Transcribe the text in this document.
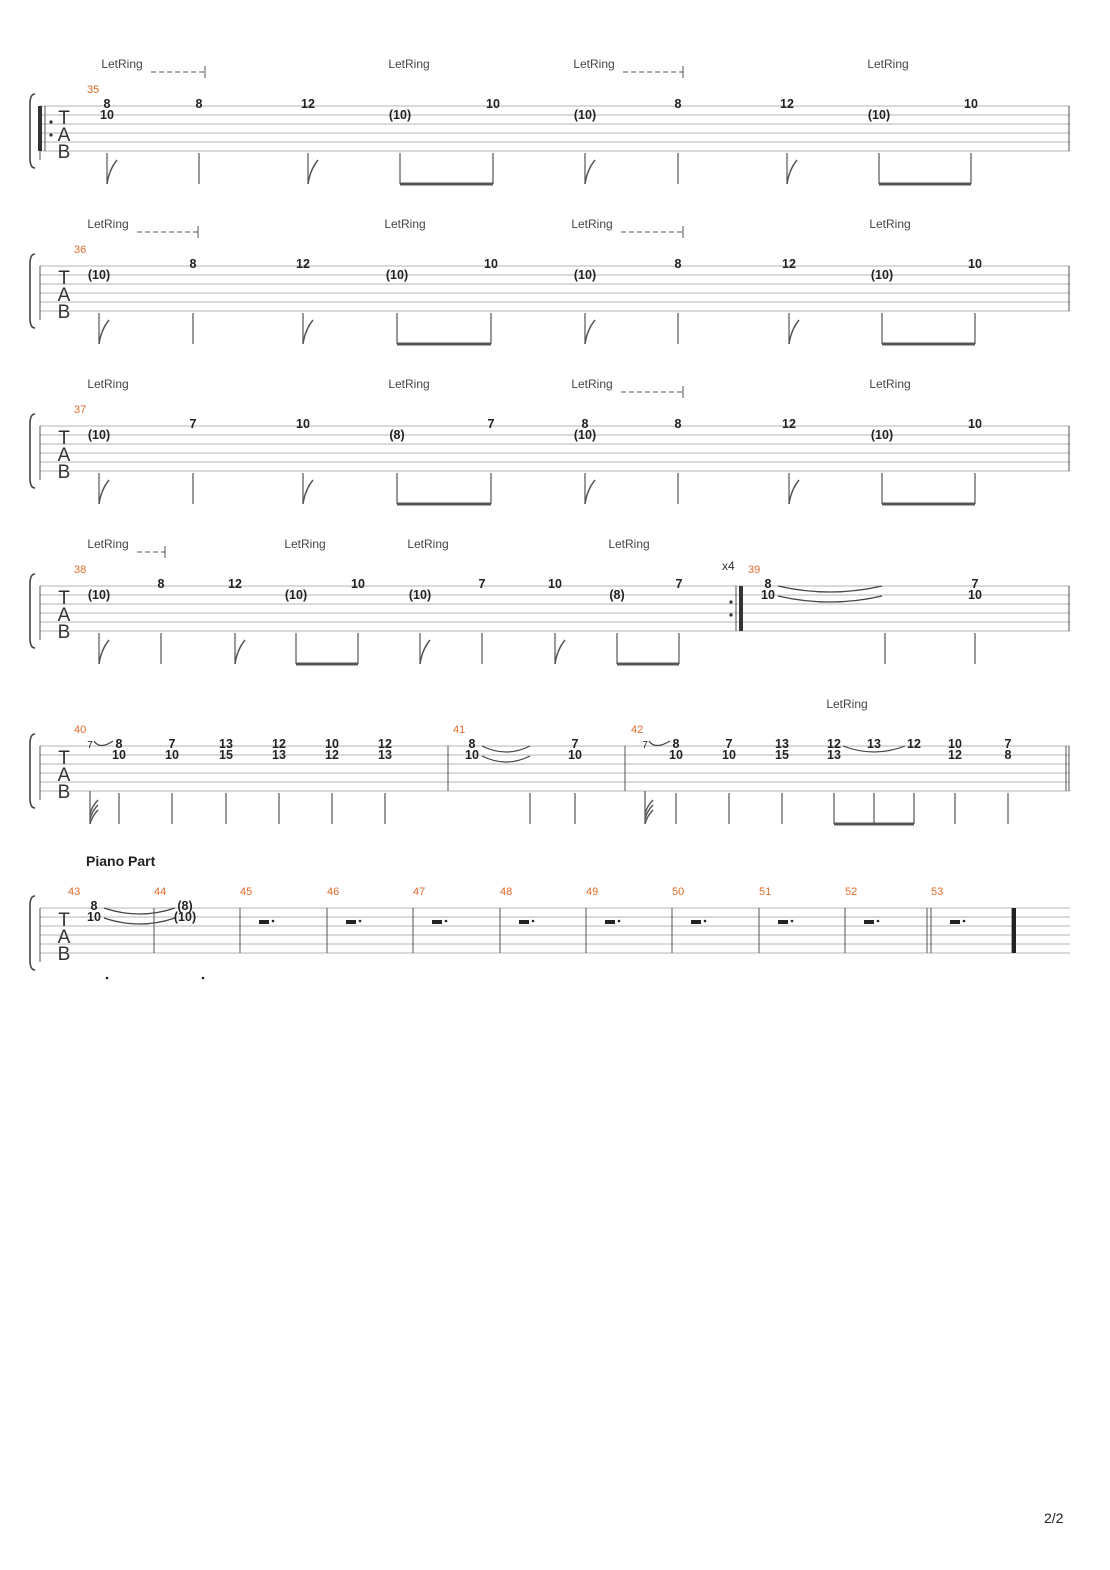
2/2
T
A
B
35
LetRing	LetRing	LetRing	LetRing
8
10
8	12
(10)
10
(10)
8	12
(10)
10
T
A
B
36
LetRing	LetRing	LetRing	LetRing
(10)
8	12
(10)
10
(10)
8	12
(10)
10
T
A
B
37
LetRing	LetRing	LetRing	LetRing
(10)
7	10
(8)
7	8
(10)
8	12
(10)
10
T
A
B
x4
38	39
LetRing	LetRing	LetRing	LetRing
(10)
8	12
(10)
10
(10)
7	10
(8)
7	8
10
7
10
T
A
B
40	41	42
LetRing
7 8
10
7
10
13
15
12
13
10
12
12
13
8
10
7
10
7 8
10
7
10
13
15
12
13
13 12 10
12
7
8
T
A
B
43	44	45	46	47	48	49	50	51	52	53
Piano Part
8
10
(8)
(10)
